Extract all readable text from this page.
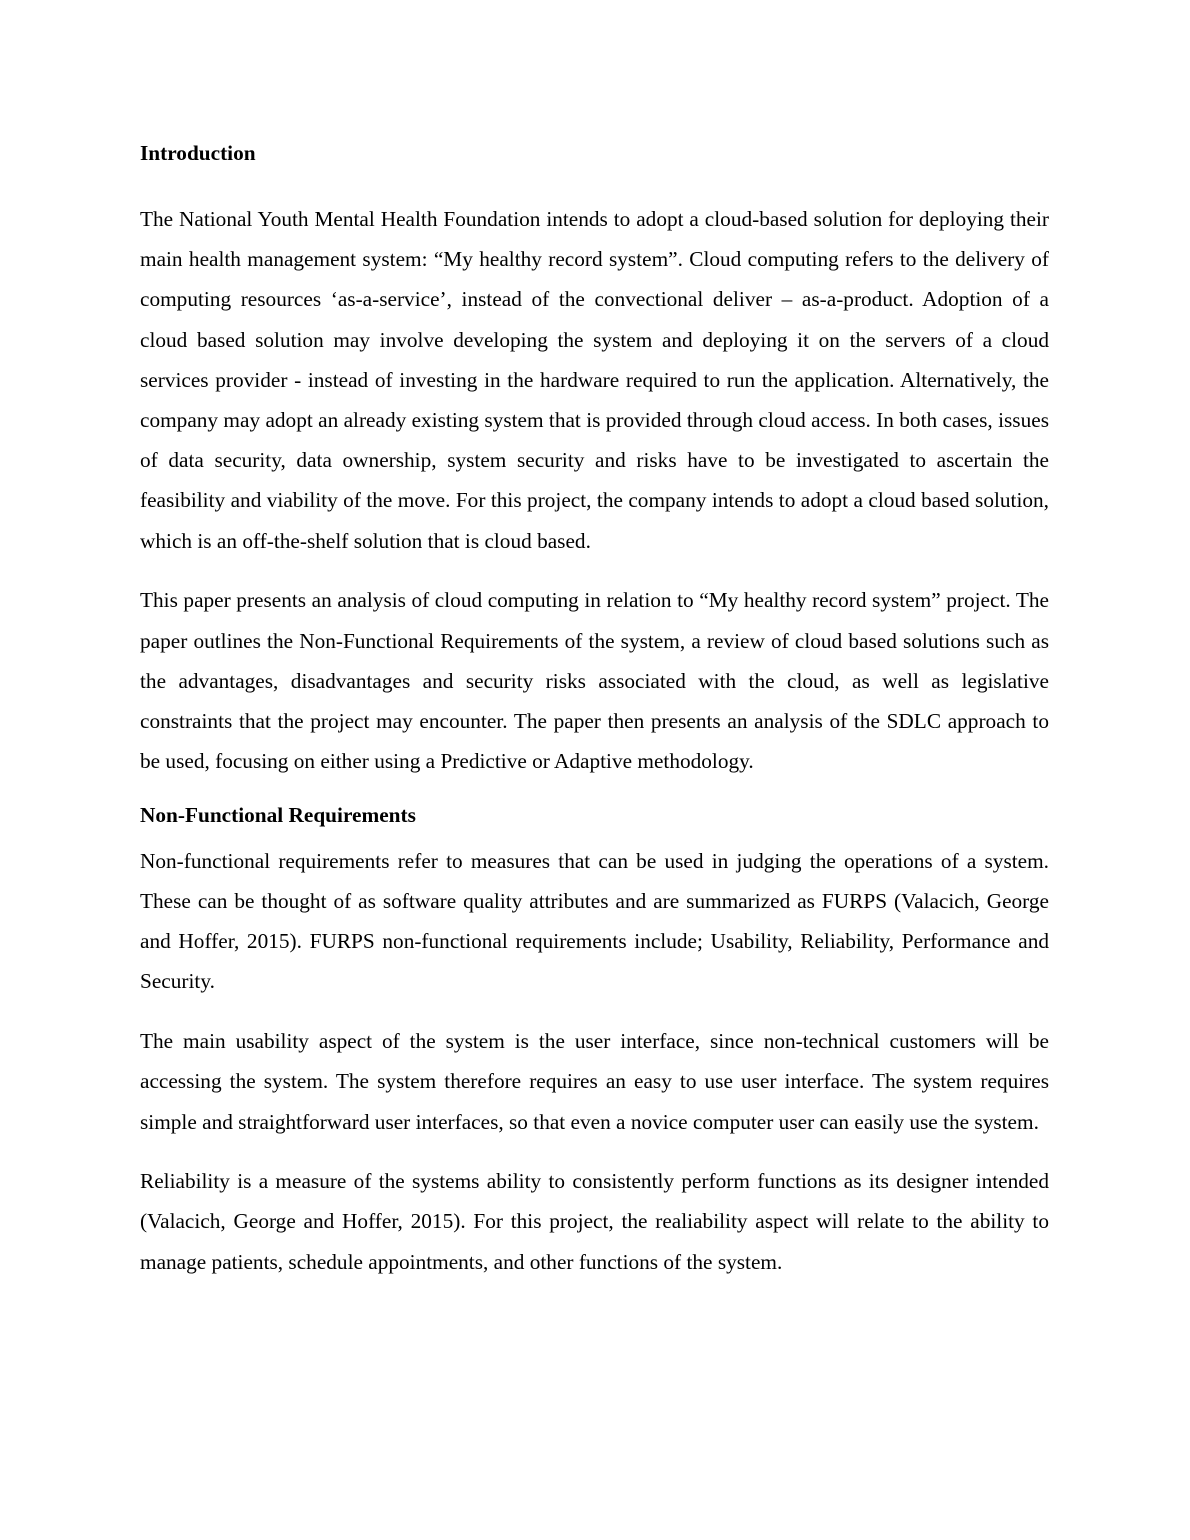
Introduction

The National Youth Mental Health Foundation intends to adopt a cloud-based solution for deploying their main health management system: “My healthy record system”. Cloud computing refers to the delivery of computing resources ‘as-a-service’, instead of the convectional deliver – as-a-product. Adoption of a cloud based solution may involve developing the system and deploying it on the servers of a cloud services provider - instead of investing in the hardware required to run the application. Alternatively, the company may adopt an already existing system that is provided through cloud access. In both cases, issues of data security, data ownership, system security and risks have to be investigated to ascertain the feasibility and viability of the move. For this project, the company intends to adopt a cloud based solution, which is an off-the-shelf solution that is cloud based.

This paper presents an analysis of cloud computing in relation to “My healthy record system” project. The paper outlines the Non-Functional Requirements of the system, a review of cloud based solutions such as the advantages, disadvantages and security risks associated with the cloud, as well as legislative constraints that the project may encounter. The paper then presents an analysis of the SDLC approach to be used, focusing on either using a Predictive or Adaptive methodology.

Non-Functional Requirements

Non-functional requirements refer to measures that can be used in judging the operations of a system. These can be thought of as software quality attributes and are summarized as FURPS (Valacich, George and Hoffer, 2015). FURPS non-functional requirements include; Usability, Reliability, Performance and Security.

The main usability aspect of the system is the user interface, since non-technical customers will be accessing the system. The system therefore requires an easy to use user interface. The system requires simple and straightforward user interfaces, so that even a novice computer user can easily use the system.

Reliability is a measure of the systems ability to consistently perform functions as its designer intended (Valacich, George and Hoffer, 2015). For this project, the realiability aspect will relate to the ability to manage patients, schedule appointments, and other functions of the system.
